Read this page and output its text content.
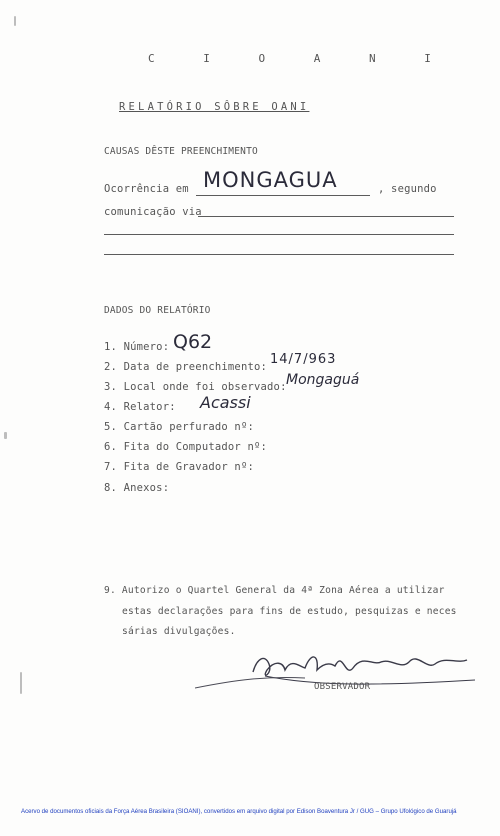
C I O A N I
RELATÓRIO SÔBRE OANI
CAUSAS DÊSTE PREENCHIMENTO
Ocorrência em MONGAGUA	, segundo
comunicação via
DADOS DO RELATÓRIO
1. Número: Q62
2. Data de preenchimento: 14/7/963
3. Local onde foi observado: Mongaguá
4. Relator: Acassi
5. Cartão perfurado nº:
6. Fita do Computador nº:
7. Fita de Gravador nº:
8. Anexos:
9. Autorizo o Quartel General da 4ª Zona Aérea a utilizar
estas declarações para fins de estudo, pesquizas e neces
sárias divulgações.
OBSERVADOR
Acervo de documentos oficiais da Força Aérea Brasileira (SIOANI), convertidos em arquivo digital por Edison Boaventura Jr / GUG – Grupo Ufológico de Guarujá
